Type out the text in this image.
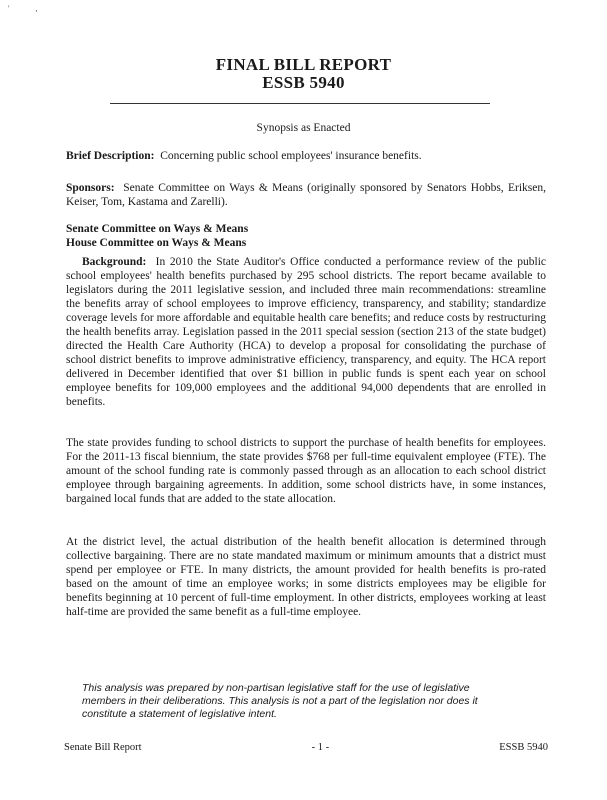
' ,
FINAL BILL REPORT
ESSB 5940
Synopsis as Enacted
Brief Description: Concerning public school employees' insurance benefits.
Sponsors: Senate Committee on Ways & Means (originally sponsored by Senators Hobbs, Eriksen, Keiser, Tom, Kastama and Zarelli).
Senate Committee on Ways & Means
House Committee on Ways & Means
Background: In 2010 the State Auditor's Office conducted a performance review of the public school employees' health benefits purchased by 295 school districts. The report became available to legislators during the 2011 legislative session, and included three main recommendations: streamline the benefits array of school employees to improve efficiency, transparency, and stability; standardize coverage levels for more affordable and equitable health care benefits; and reduce costs by restructuring the health benefits array. Legislation passed in the 2011 special session (section 213 of the state budget) directed the Health Care Authority (HCA) to develop a proposal for consolidating the purchase of school district benefits to improve administrative efficiency, transparency, and equity. The HCA report delivered in December identified that over $1 billion in public funds is spent each year on school employee benefits for 109,000 employees and the additional 94,000 dependents that are enrolled in benefits.
The state provides funding to school districts to support the purchase of health benefits for employees. For the 2011-13 fiscal biennium, the state provides $768 per full-time equivalent employee (FTE). The amount of the school funding rate is commonly passed through as an allocation to each school district employee through bargaining agreements. In addition, some school districts have, in some instances, bargained local funds that are added to the state allocation.
At the district level, the actual distribution of the health benefit allocation is determined through collective bargaining. There are no state mandated maximum or minimum amounts that a district must spend per employee or FTE. In many districts, the amount provided for health benefits is pro-rated based on the amount of time an employee works; in some districts employees may be eligible for benefits beginning at 10 percent of full-time employment. In other districts, employees working at least half-time are provided the same benefit as a full-time employee.
This analysis was prepared by non-partisan legislative staff for the use of legislative members in their deliberations. This analysis is not a part of the legislation nor does it constitute a statement of legislative intent.
Senate Bill Report	- 1 -	ESSB 5940
